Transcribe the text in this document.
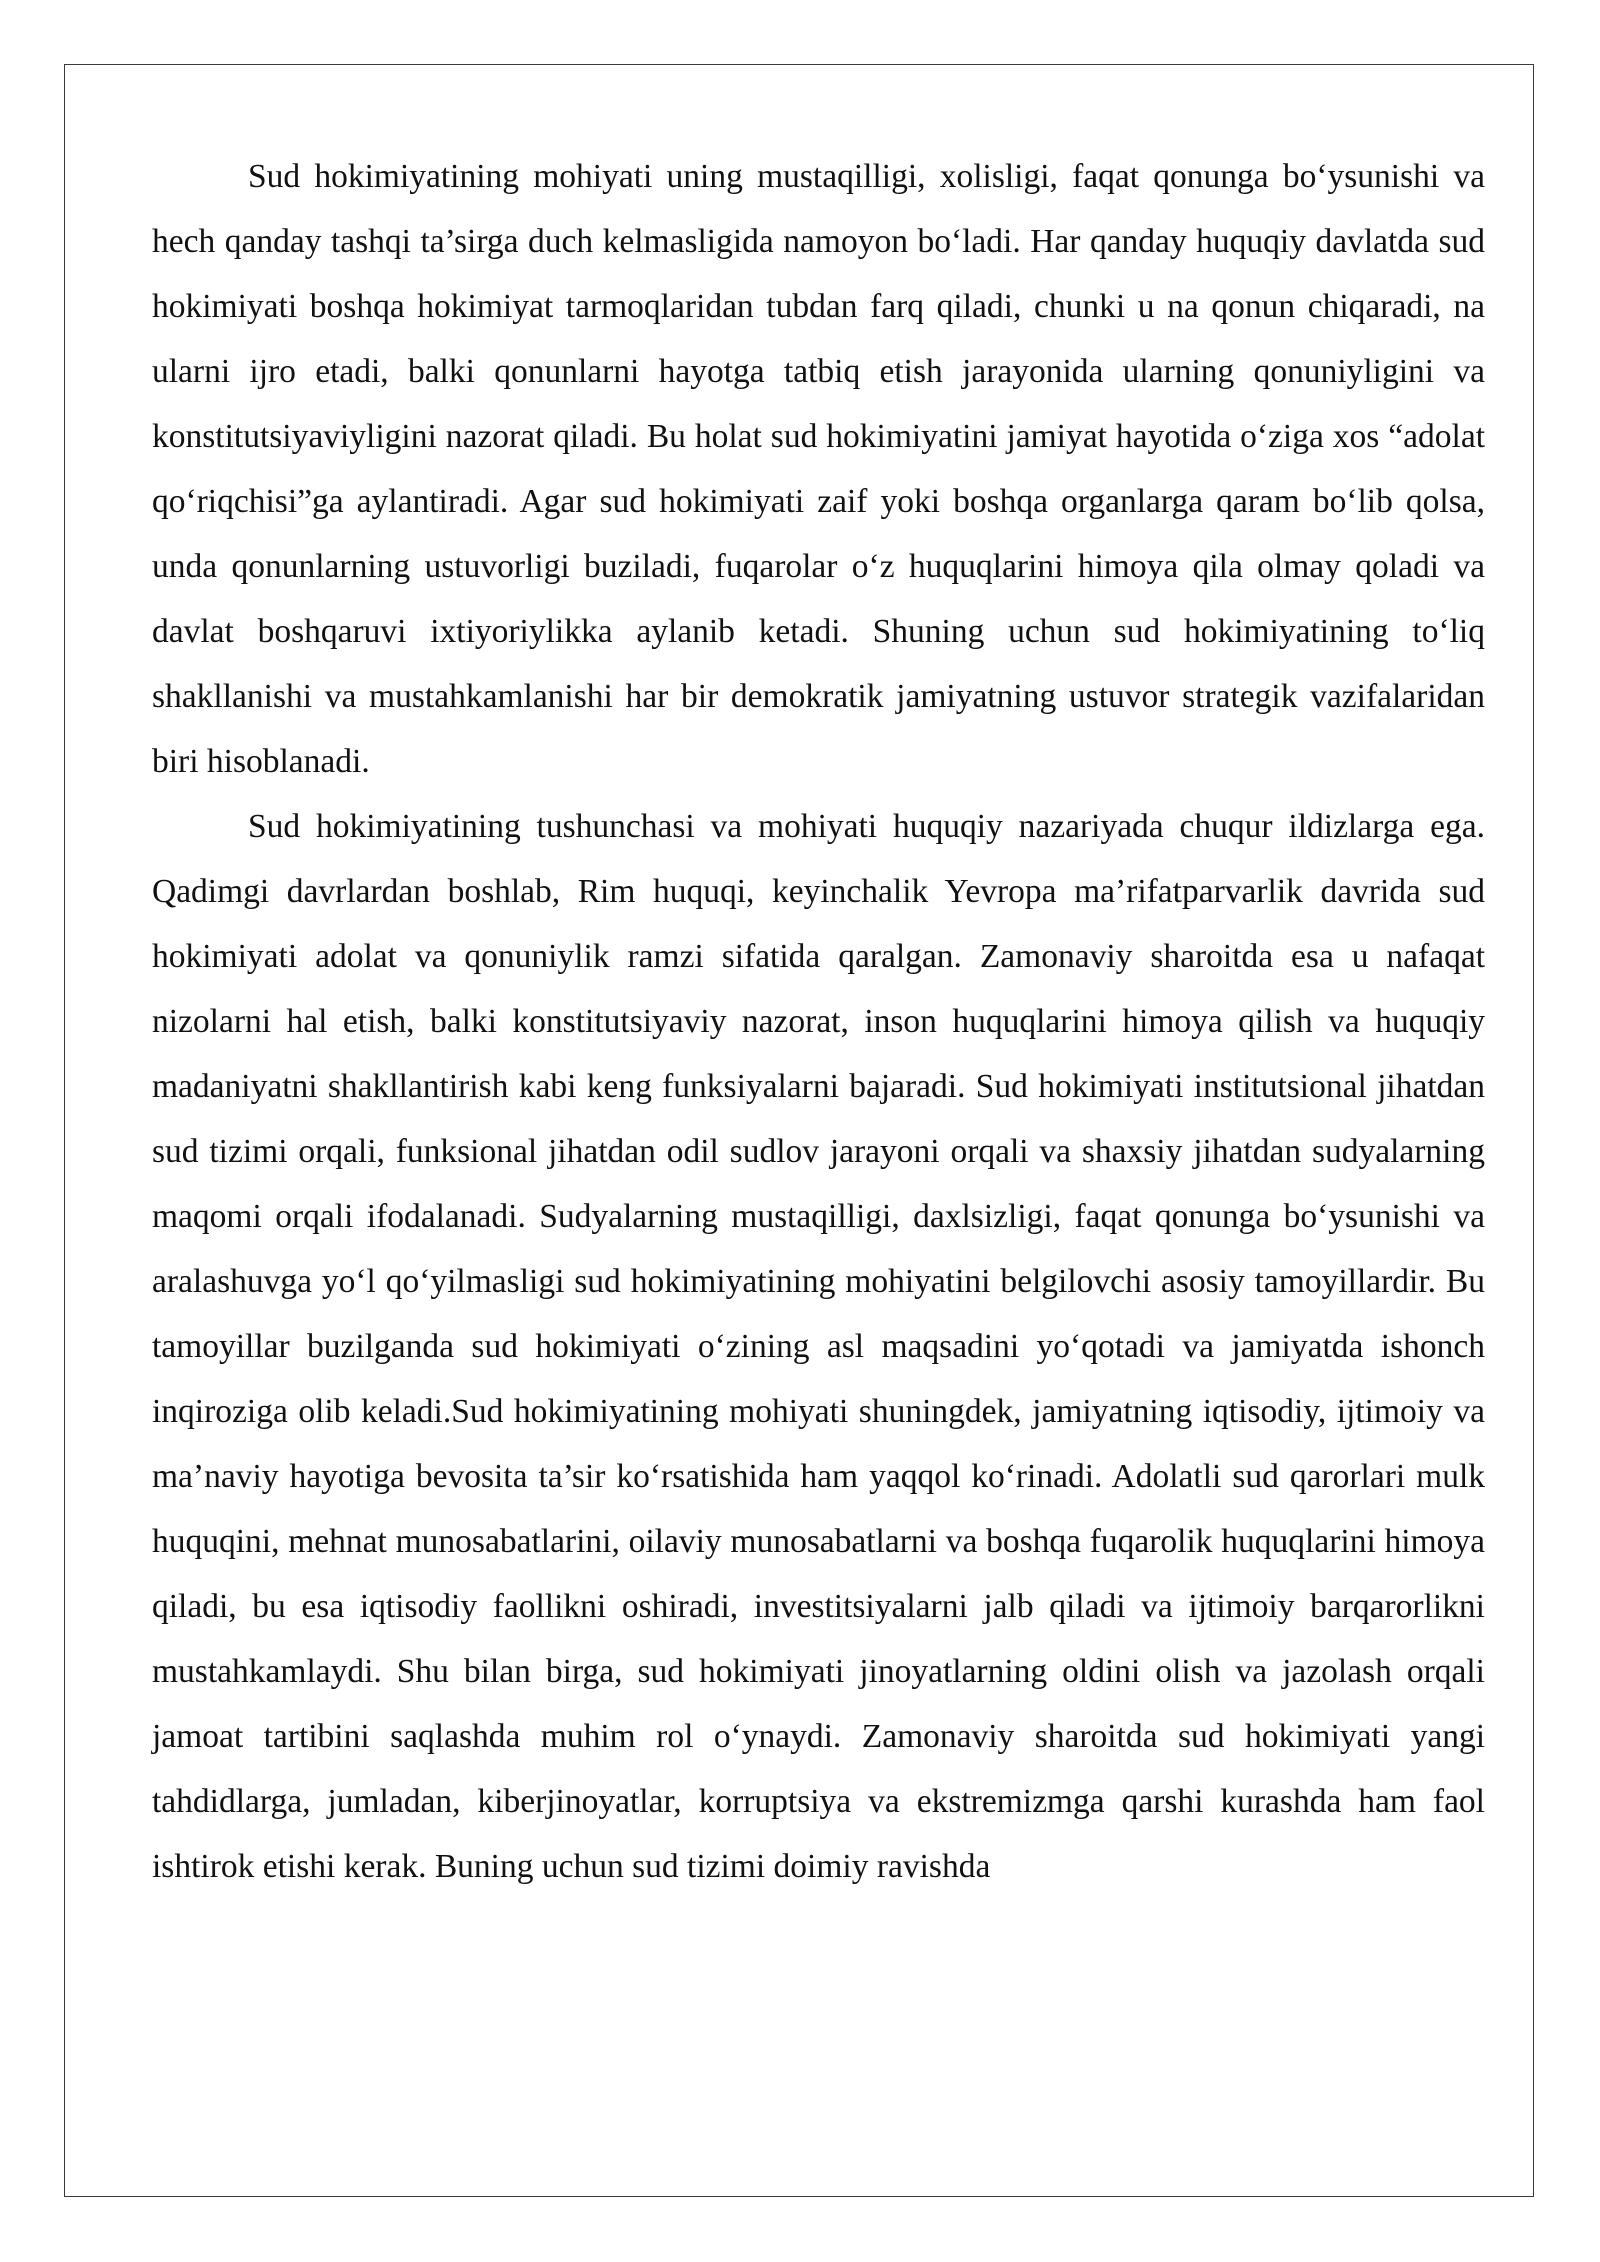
Sud hokimiyatining mohiyati uning mustaqilligi, xolisligi, faqat qonunga bo‘ysunishi va hech qanday tashqi ta’sirga duch kelmasligida namoyon bo‘ladi. Har qanday huquqiy davlatda sud hokimiyati boshqa hokimiyat tarmoqlaridan tubdan farq qiladi, chunki u na qonun chiqaradi, na ularni ijro etadi, balki qonunlarni hayotga tatbiq etish jarayonida ularning qonuniyligini va konstitutsiyaviyligini nazorat qiladi. Bu holat sud hokimiyatini jamiyat hayotida o‘ziga xos “adolat qo‘riqchisi”ga aylantiradi. Agar sud hokimiyati zaif yoki boshqa organlarga qaram bo‘lib qolsa, unda qonunlarning ustuvorligi buziladi, fuqarolar o‘z huquqlarini himoya qila olmay qoladi va davlat boshqaruvi ixtiyoriylikka aylanib ketadi. Shuning uchun sud hokimiyatining to‘liq shakllanishi va mustahkamlanishi har bir demokratik jamiyatning ustuvor strategik vazifalaridan biri hisoblanadi.

Sud hokimiyatining tushunchasi va mohiyati huquqiy nazariyada chuqur ildizlarga ega. Qadimgi davrlardan boshlab, Rim huquqi, keyinchalik Yevropa ma’rifatparvarlik davrida sud hokimiyati adolat va qonuniylik ramzi sifatida qaralgan. Zamonaviy sharoitda esa u nafaqat nizolarni hal etish, balki konstitutsiyaviy nazorat, inson huquqlarini himoya qilish va huquqiy madaniyatni shakllantirish kabi keng funksiyalarni bajaradi. Sud hokimiyati institutsional jihatdan sud tizimi orqali, funksional jihatdan odil sudlov jarayoni orqali va shaxsiy jihatdan sudyalarning maqomi orqali ifodalanadi. Sudyalarning mustaqilligi, daxlsizligi, faqat qonunga bo‘ysunishi va aralashuvga yo‘l qo‘yilmasligi sud hokimiyatining mohiyatini belgilovchi asosiy tamoyillardir. Bu tamoyillar buzilganda sud hokimiyati o‘zining asl maqsadini yo‘qotadi va jamiyatda ishonch inqiroziga olib keladi.Sud hokimiyatining mohiyati shuningdek, jamiyatning iqtisodiy, ijtimoiy va ma’naviy hayotiga bevosita ta’sir ko‘rsatishida ham yaqqol ko‘rinadi. Adolatli sud qarorlari mulk huquqini, mehnat munosabatlarini, oilaviy munosabatlarni va boshqa fuqarolik huquqlarini himoya qiladi, bu esa iqtisodiy faollikni oshiradi, investitsiyalarni jalb qiladi va ijtimoiy barqarorlikni mustahkamlaydi. Shu bilan birga, sud hokimiyati jinoyatlarning oldini olish va jazolash orqali jamoat tartibini saqlashda muhim rol o‘ynaydi. Zamonaviy sharoitda sud hokimiyati yangi tahdidlarga, jumladan, kiberjinoyatlar, korruptsiya va ekstremizmga qarshi kurashda ham faol ishtirok etishi kerak. Buning uchun sud tizimi doimiy ravishda
